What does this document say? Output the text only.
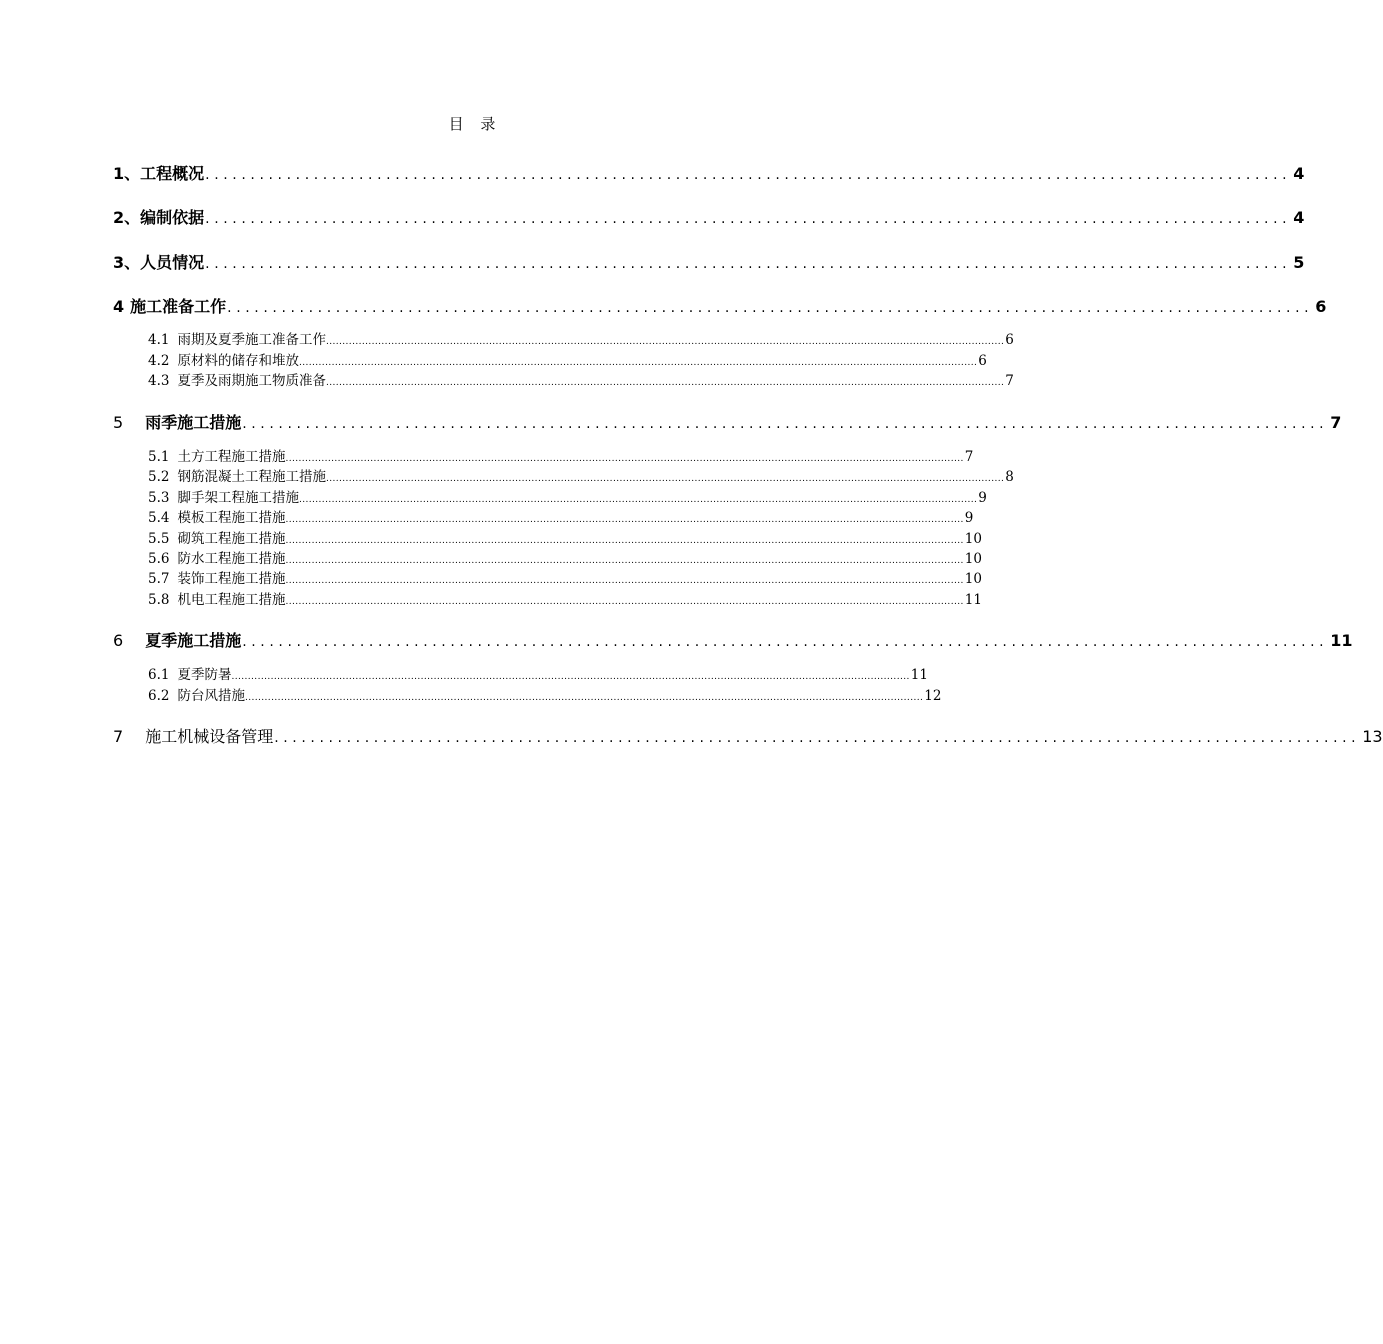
目 录
1、工程概况 ........................................................................................................................ 4
2、编制依据 ........................................................................................................................ 4
3、人员情况 ........................................................................................................................ 5
4 施工准备工作 ........................................................................................................................ 6
4.1 雨期及夏季施工准备工作 ................................................................................................................................................................................................................ 6
4.2 原材料的储存和堆放 ................................................................................................................................................................................................................ 6
4.3 夏季及雨期施工物质准备 ................................................................................................................................................................................................................ 7
5 雨季施工措施 ........................................................................................................................ 7
5.1 土方工程施工措施 ................................................................................................................................................................................................................ 7
5.2 钢筋混凝土工程施工措施 ................................................................................................................................................................................................................ 8
5.3 脚手架工程施工措施 ................................................................................................................................................................................................................ 9
5.4 模板工程施工措施 ................................................................................................................................................................................................................ 9
5.5 砌筑工程施工措施 ................................................................................................................................................................................................................ 10
5.6 防水工程施工措施 ................................................................................................................................................................................................................ 10
5.7 装饰工程施工措施 ................................................................................................................................................................................................................ 10
5.8 机电工程施工措施 ................................................................................................................................................................................................................ 11
6 夏季施工措施 ........................................................................................................................ 11
6.1 夏季防暑 ................................................................................................................................................................................................................ 11
6.2 防台风措施 ................................................................................................................................................................................................................ 12
7 施工机械设备管理 ........................................................................................................................ 13
